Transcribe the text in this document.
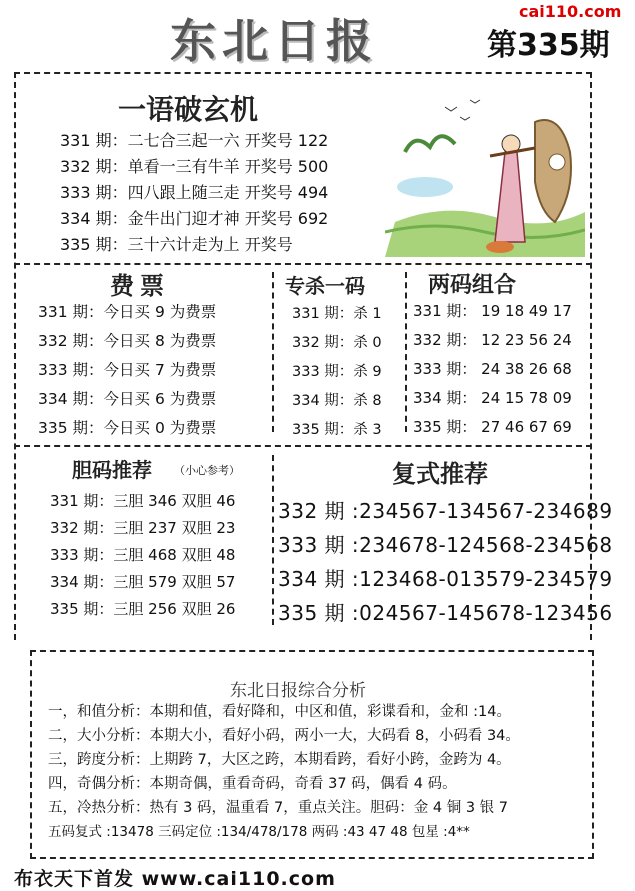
东北日报
cai110.com
第335期
一语破玄机
331 期：二七合三起一六 开奖号 122
332 期：单看一三有牛羊 开奖号 500
333 期：四八跟上随三走 开奖号 494
334 期：金牛出门迎才神 开奖号 692
335 期：三十六计走为上 开奖号
费票
331 期：今日买 9 为费票
332 期：今日买 8 为费票
333 期：今日买 7 为费票
334 期：今日买 6 为费票
335 期：今日买 0 为费票
专杀一码
331 期：杀 1
332 期：杀 0
333 期：杀 9
334 期：杀 8
335 期：杀 3
两码组合
331 期： 19 18 49 17
332 期： 12 23 56 24
333 期： 24 38 26 68
334 期： 24 15 78 09
335 期： 27 46 67 69
胆码推荐 （小心参考）
331 期：三胆 346 双胆 46
332 期：三胆 237 双胆 23
333 期：三胆 468 双胆 48
334 期：三胆 579 双胆 57
335 期：三胆 256 双胆 26
复式推荐
332 期 :234567-134567-234689
333 期 :234678-124568-234568
334 期 :123468-013579-234579
335 期 :024567-145678-123456
东北日报综合分析
一，和值分析：本期和值，看好降和，中区和值，彩谍看和，金和 :14。
二，大小分析：本期大小，看好小码，两小一大，大码看 8，小码看 34。
三，跨度分析：上期跨 7，大区之跨，本期看跨，看好小跨，金跨为 4。
四，奇偶分析：本期奇偶，重看奇码，奇看 37 码，偶看 4 码。
五，冷热分析：热有 3 码，温重看 7，重点关注。胆码：金 4 铜 3 银 7
五码复式 :13478 三码定位 :134/478/178 两码 :43 47 48 包星 :4**
布衣天下首发 www.cai110.com
